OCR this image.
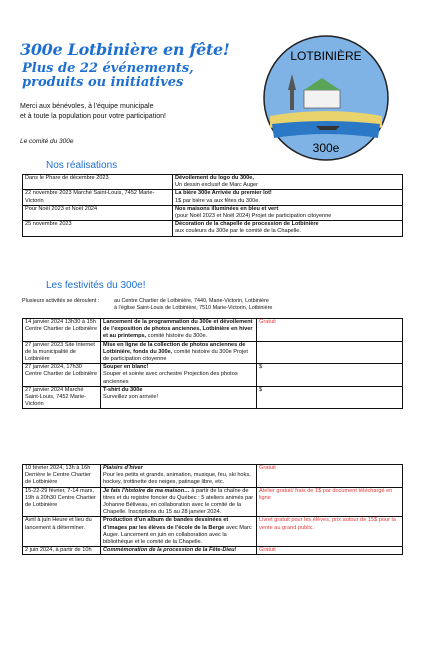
300e Lotbinière en fête!
Plus de 22 événements, produits ou initiatives
Merci aux bénévoles, à l’équipe municipale
et à toute la population pour votre participation!
Le comité du 300e
LOTBINIÈRE
300e
Nos réalisations
Dans le Phare de décembre 2023	Dévoilement du logo du 300e,
Un dessin exclusif de Marc Auger
22 novembre 2023 Marché Saint-Louis, 7452 Marie-Victorin	La bière 300e Arrivée du premier lot!
1$ par bière va aux fêtes du 300e.
Pour Noël 2023 et Noël 2024	Nos maisons illuminées en bleu et vert
(pour Noël 2023 et Noël 2024) Projet de participation citoyenne
25 novembre 2023	Décoration de la chapelle de procession de Lotbinière
aux couleurs du 300e par le comité de la Chapelle.
Les festivités du 300e!
Plusieurs activités se déroulent :	au Centre Chartier de Lotbinière, 7440, Marie-Victorin, Lotbinière
à l’église Saint-Louis de Lotbinière, 7510 Marie-Victorin, Lotbinière
14 janvier 2024 13h30 à 15h Centre Chartier de Lotbinière	Lancement de la programmation du 300e et dévoilement de l’exposition de photos anciennes, Lotbinière en hiver et au printemps, comité histoire du 300e.	Gratuit
27 janvier 2023 Site Internet de la municipalité de Lotbinière	Mise en ligne de la collection de photos anciennes de Lotbinière, fonds du 300e, comité histoire du 300e Projet de participation citoyenne	
27 janvier 2024, 17h30 Centre Chartier de Lotbinière	Souper en blanc!
Souper et soirée avec orchestre Projection des photos anciennes	$
27 janvier 2024 Marché Saint-Louis, 7452 Marie-Victorin	T-shirt du 300e
Surveillez son arrivée!	$
10 février 2024, 13h à 16h Derrière le Centre Chartier de Lotbinière	Plaisirs d’hiver
Pour les petits et grands, animation, musique, feu, ski hoks, hockey, trottinette des neiges, patinage libre, etc.	Gratuit
15-22-29 février, 7-14 mars, 19h à 20h30 Centre Chartier de Lotbinière	Je fais l’histoire de ma maison… à partir de la chaîne de titres et du registre foncier du Québec : 5 ateliers animés par Johanne Béliveau, en collaboration avec le comité de la Chapelle. Inscriptions du 15 au 28 janvier 2024.	Atelier gratuit/ frais de 1$ par document téléchargé en ligne
Avril à juin Heure et lieu du lancement à déterminer.	Production d’un album de bandes dessinées et d’images par les élèves de l’école de la Berge avec Marc Auger. Lancement en juin en collaboration avec la bibliothèque et le comité de la Chapelle.	Livret gratuit pour les élèves, prix autour de 15$ pour la vente au grand public.
2 juin 2024, à partir de 10h	Commémoration de la procession de la Fête-Dieu!	Gratuit
